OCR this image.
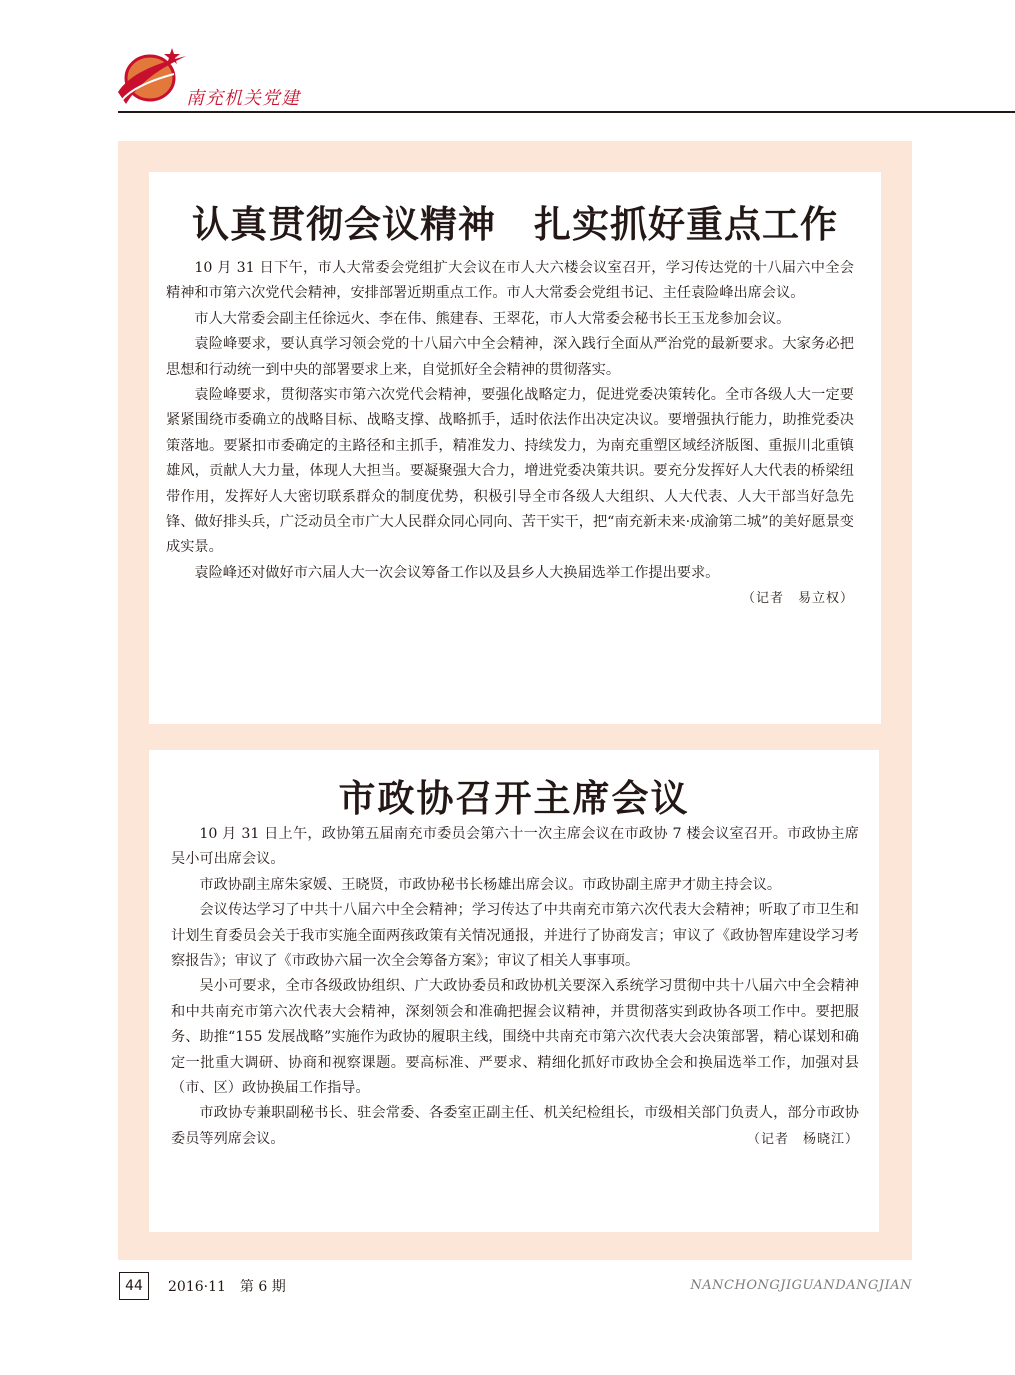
南充机关党建
认真贯彻会议精神　扎实抓好重点工作

10 月 31 日下午，市人大常委会党组扩大会议在市人大六楼会议室召开，学习传达党的十八届六中全会精神和市第六次党代会精神，安排部署近期重点工作。市人大常委会党组书记、主任袁险峰出席会议。

市人大常委会副主任徐远火、李在伟、熊建春、王翠花，市人大常委会秘书长王玉龙参加会议。

袁险峰要求，要认真学习领会党的十八届六中全会精神，深入践行全面从严治党的最新要求。大家务必把思想和行动统一到中央的部署要求上来，自觉抓好全会精神的贯彻落实。

袁险峰要求，贯彻落实市第六次党代会精神，要强化战略定力，促进党委决策转化。全市各级人大一定要紧紧围绕市委确立的战略目标、战略支撑、战略抓手，适时依法作出决定决议。要增强执行能力，助推党委决策落地。要紧扣市委确定的主路径和主抓手，精准发力、持续发力，为南充重塑区域经济版图、重振川北重镇雄风，贡献人大力量，体现人大担当。要凝聚强大合力，增进党委决策共识。要充分发挥好人大代表的桥梁纽带作用，发挥好人大密切联系群众的制度优势，积极引导全市各级人大组织、人大代表、人大干部当好急先锋、做好排头兵，广泛动员全市广大人民群众同心同向、苦干实干，把“南充新未来·成渝第二城”的美好愿景变成实景。

袁险峰还对做好市六届人大一次会议筹备工作以及县乡人大换届选举工作提出要求。

（记者　易立权）
市政协召开主席会议

10 月 31 日上午，政协第五届南充市委员会第六十一次主席会议在市政协 7 楼会议室召开。市政协主席吴小可出席会议。

市政协副主席朱家媛、王晓贤，市政协秘书长杨雄出席会议。市政协副主席尹才勋主持会议。

会议传达学习了中共十八届六中全会精神；学习传达了中共南充市第六次代表大会精神；听取了市卫生和计划生育委员会关于我市实施全面两孩政策有关情况通报，并进行了协商发言；审议了《政协智库建设学习考察报告》；审议了《市政协六届一次全会筹备方案》；审议了相关人事事项。

吴小可要求，全市各级政协组织、广大政协委员和政协机关要深入系统学习贯彻中共十八届六中全会精神和中共南充市第六次代表大会精神，深刻领会和准确把握会议精神，并贯彻落实到政协各项工作中。要把服务、助推“155 发展战略”实施作为政协的履职主线，围绕中共南充市第六次代表大会决策部署，精心谋划和确定一批重大调研、协商和视察课题。要高标准、严要求、精细化抓好市政协全会和换届选举工作，加强对县（市、区）政协换届工作指导。

市政协专兼职副秘书长、驻会常委、各委室正副主任、机关纪检组长，市级相关部门负责人，部分市政协委员等列席会议。	（记者　杨晓江）

44	2016·11　第 6 期	NANCHONGJIGUANDANGJIAN
